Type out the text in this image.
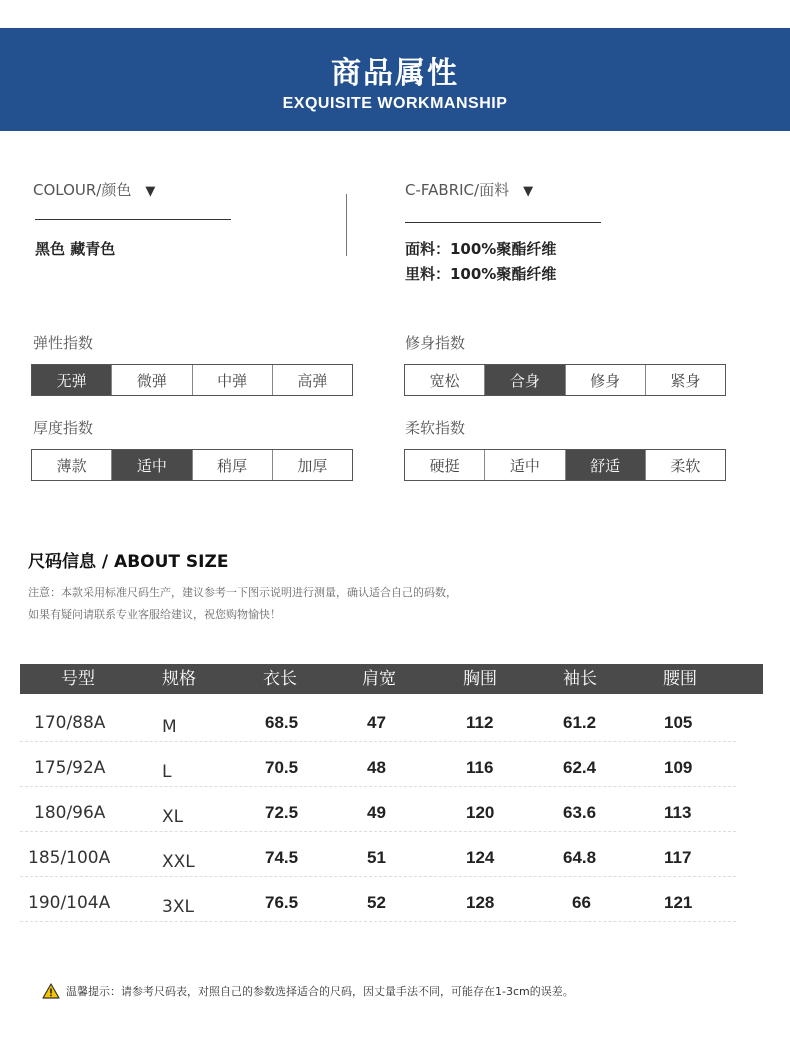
商品属性
EXQUISITE WORKMANSHIP
COLOUR/颜色 ▼
黑色 藏青色
C-FABRIC/面料 ▼
面料：100%聚酯纤维
里料：100%聚酯纤维
弹性指数
无弹	微弹	中弹	高弹
修身指数
宽松	合身	修身	紧身
厚度指数
薄款	适中	稍厚	加厚
柔软指数
硬挺	适中	舒适	柔软
尺码信息 / ABOUT SIZE
注意：本款采用标准尺码生产，建议参考一下图示说明进行测量，确认适合自己的码数，
如果有疑问请联系专业客服给建议，祝您购物愉快！
号型	规格	衣长	肩宽	胸围	袖长	腰围
170/88A	M	68.5	47	112	61.2	105
175/92A	L	70.5	48	116	62.4	109
180/96A	XL	72.5	49	120	63.6	113
185/100A	XXL	74.5	51	124	64.8	117
190/104A	3XL	76.5	52	128	66	121
温馨提示：请参考尺码表，对照自己的参数选择适合的尺码，因丈量手法不同，可能存在1-3cm的误差。
